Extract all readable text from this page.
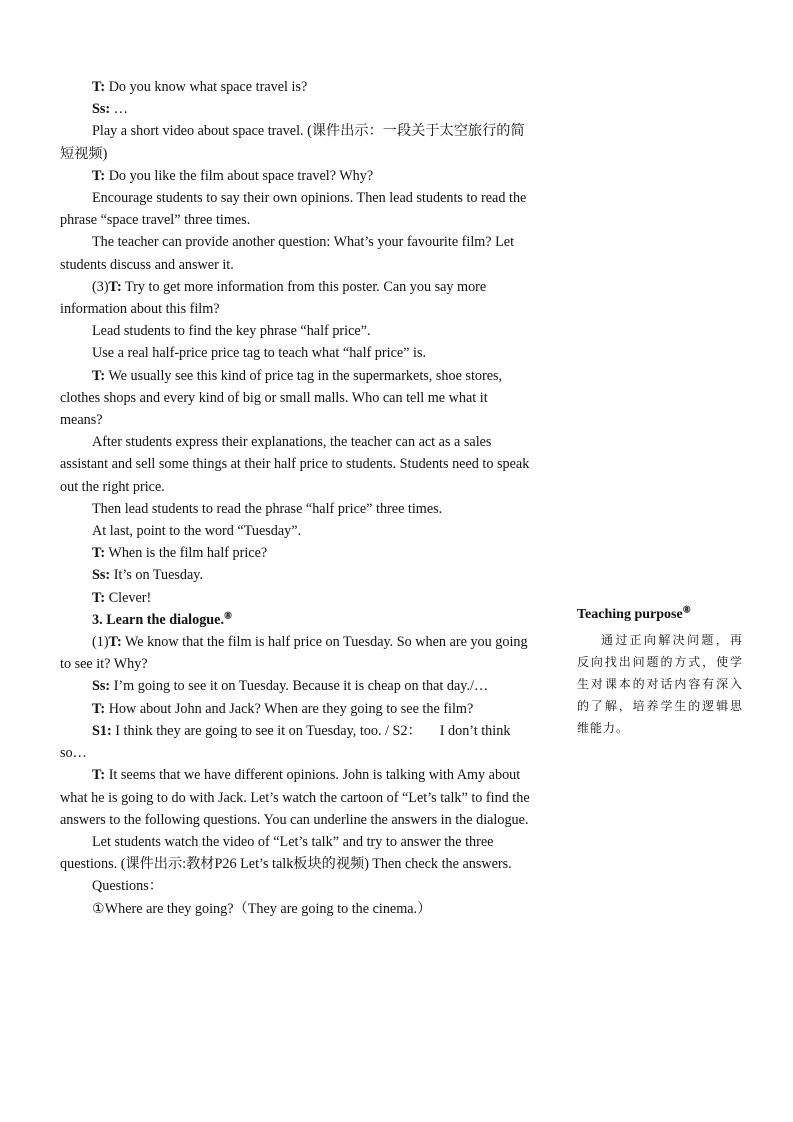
T: Do you know what space travel is?

Ss: …

Play a short video about space travel. (课件出示：一段关于太空旅行的简短视频)

T: Do you like the film about space travel? Why?

Encourage students to say their own opinions. Then lead students to read the phrase “space travel” three times.

The teacher can provide another question: What’s your favourite film? Let students discuss and answer it.

(3)T: Try to get more information from this poster. Can you say more information about this film?

Lead students to find the key phrase “half price”.

Use a real half-price price tag to teach what “half price” is.

T: We usually see this kind of price tag in the supermarkets, shoe stores, clothes shops and every kind of big or small malls. Who can tell me what it means?

After students express their explanations, the teacher can act as a sales assistant and sell some things at their half price to students. Students need to speak out the right price.

Then lead students to read the phrase “half price” three times.

At last, point to the word “Tuesday”.

T: When is the film half price?

Ss: It’s on Tuesday.

T: Clever!

3. Learn the dialogue.⑧

(1)T: We know that the film is half price on Tuesday. So when are you going to see it? Why?

Ss: I’m going to see it on Tuesday. Because it is cheap on that day./…

T: How about John and Jack? When are they going to see the film?

S1: I think they are going to see it on Tuesday, too. / S2： I don’t think so…

T: It seems that we have different opinions. John is talking with Amy about what he is going to do with Jack. Let’s watch the cartoon of “Let’s talk” to find the answers to the following questions. You can underline the answers in the dialogue.

Let students watch the video of “Let’s talk” and try to answer the three questions. (课件出示:教材P26 Let’s talk板块的视频) Then check the answers.

Questions：

①Where are they going?（They are going to the cinema.）

Teaching purpose⑧
通过正向解决问题，再反向找出问题的方式，使学生对课本的对话内容有深入的了解，培养学生的逻辑思维能力。
